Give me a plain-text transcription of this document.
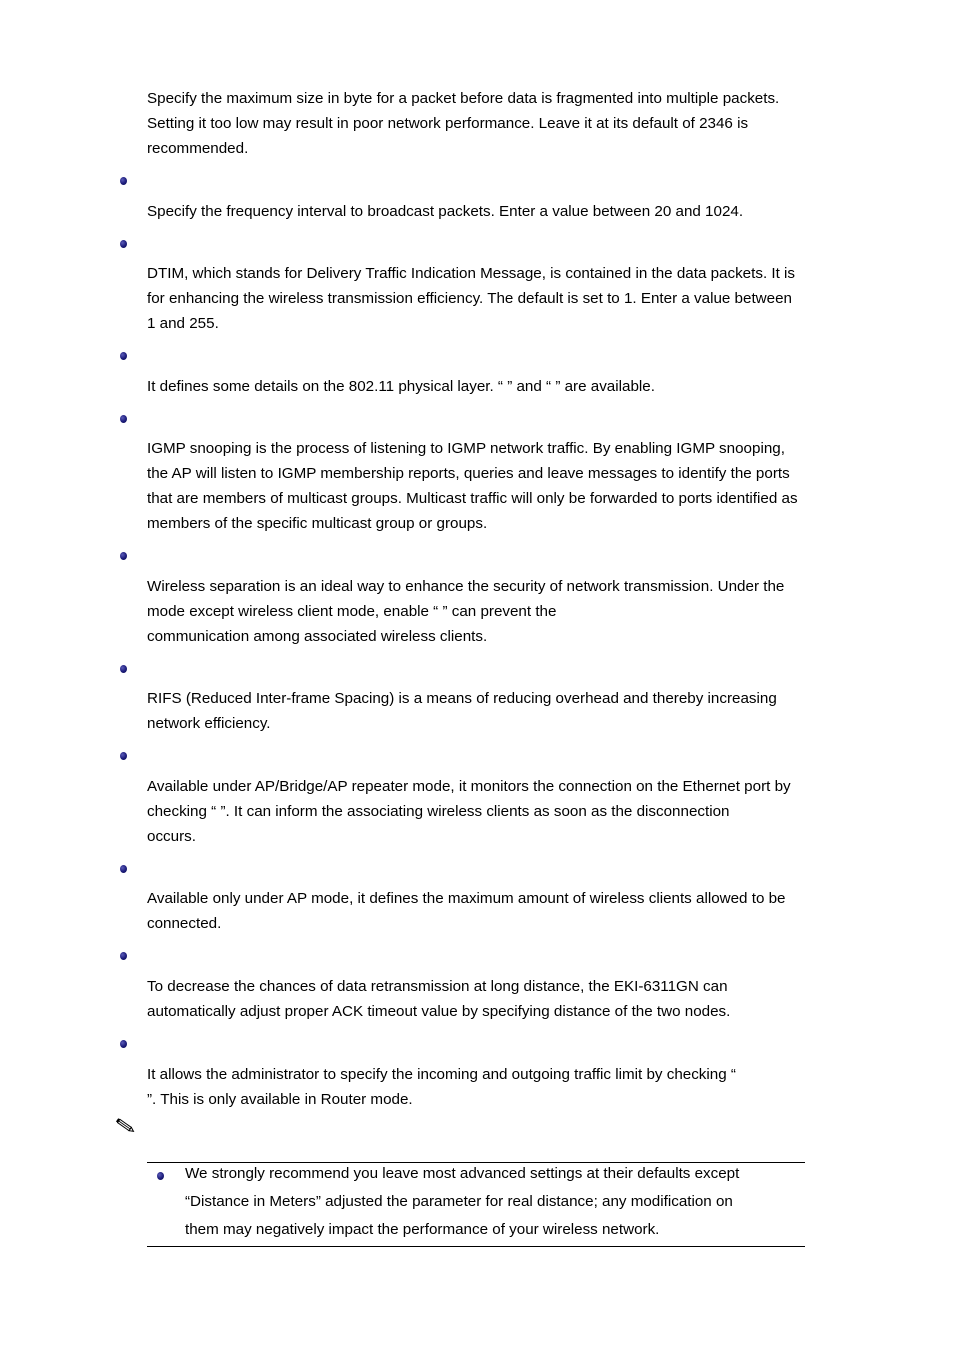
Specify the maximum size in byte for a packet before data is fragmented into multiple packets.
Setting it too low may result in poor network performance. Leave it at its default of 2346 is
recommended.

Specify the frequency interval to broadcast packets. Enter a value between 20 and 1024.

DTIM, which stands for Delivery Traffic Indication Message, is contained in the data packets. It is
for enhancing the wireless transmission efficiency. The default is set to 1. Enter a value between
1 and 255.

It defines some details on the 802.11 physical layer. “ ” and “ ” are available.

IGMP snooping is the process of listening to IGMP network traffic. By enabling IGMP snooping,
the AP will listen to IGMP membership reports, queries and leave messages to identify the ports
that are members of multicast groups. Multicast traffic will only be forwarded to ports identified as
members of the specific multicast group or groups.

Wireless separation is an ideal way to enhance the security of network transmission. Under the
mode except wireless client mode, enable “ ” can prevent the
communication among associated wireless clients.

RIFS (Reduced Inter-frame Spacing) is a means of reducing overhead and thereby increasing
network efficiency.

Available under AP/Bridge/AP repeater mode, it monitors the connection on the Ethernet port by
checking “ ”. It can inform the associating wireless clients as soon as the disconnection
occurs.

Available only under AP mode, it defines the maximum amount of wireless clients allowed to be
connected.

To decrease the chances of data retransmission at long distance, the EKI-6311GN can
automatically adjust proper ACK timeout value by specifying distance of the two nodes.

It allows the administrator to specify the incoming and outgoing traffic limit by checking “
”. This is only available in Router mode.

We strongly recommend you leave most advanced settings at their defaults except
“Distance in Meters” adjusted the parameter for real distance; any modification on
them may negatively impact the performance of your wireless network.
